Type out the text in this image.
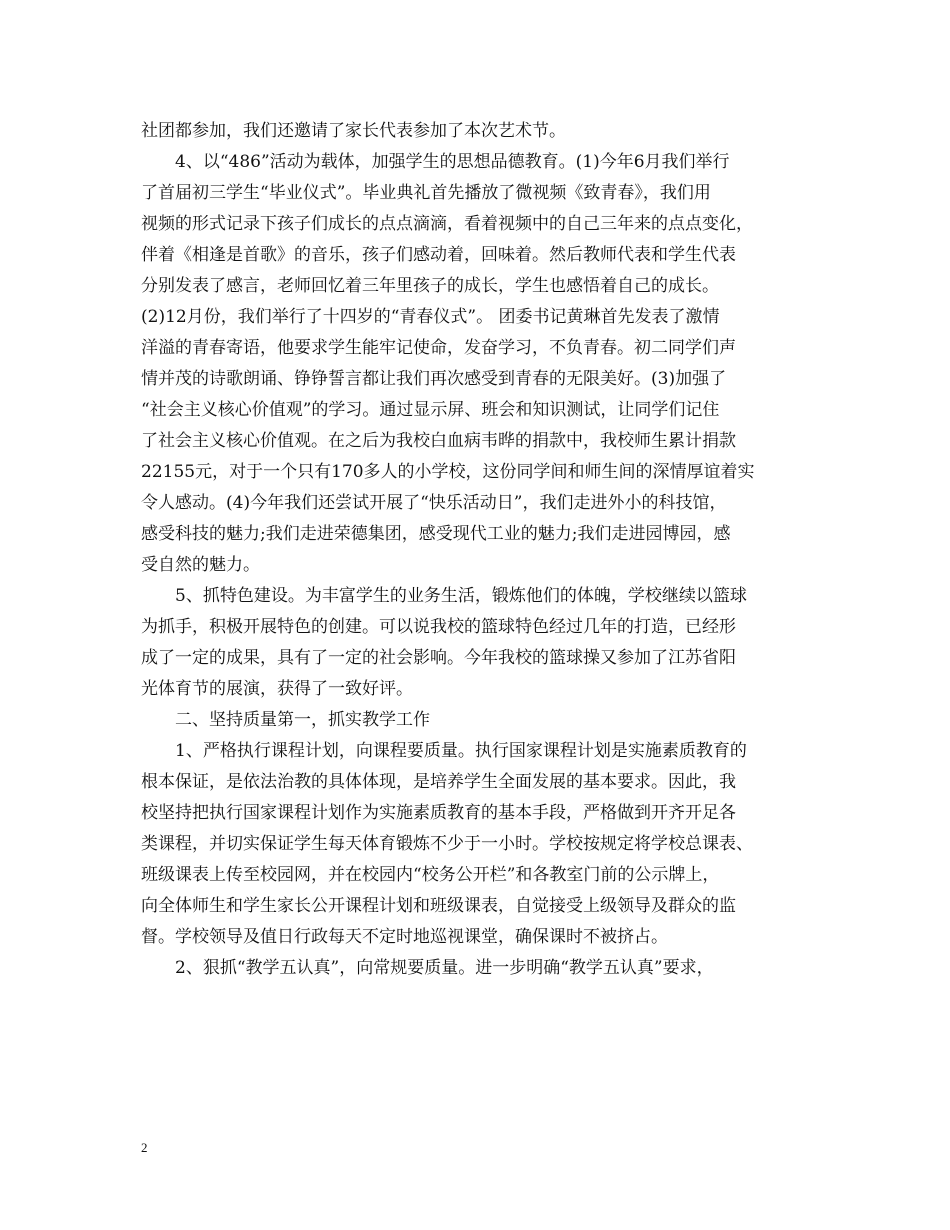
社团都参加，我们还邀请了家长代表参加了本次艺术节。
　　4、以“486”活动为载体，加强学生的思想品德教育。(1)今年6月我们举行
了首届初三学生“毕业仪式”。毕业典礼首先播放了微视频《致青春》，我们用
视频的形式记录下孩子们成长的点点滴滴，看着视频中的自己三年来的点点变化，
伴着《相逢是首歌》的音乐，孩子们感动着，回味着。然后教师代表和学生代表
分别发表了感言，老师回忆着三年里孩子的成长，学生也感悟着自己的成长。
(2)12月份，我们举行了十四岁的“青春仪式”。 团委书记黄琳首先发表了激情
洋溢的青春寄语，他要求学生能牢记使命，发奋学习，不负青春。初二同学们声
情并茂的诗歌朗诵、铮铮誓言都让我们再次感受到青春的无限美好。(3)加强了
“社会主义核心价值观”的学习。通过显示屏、班会和知识测试，让同学们记住
了社会主义核心价值观。在之后为我校白血病韦晔的捐款中，我校师生累计捐款
22155元，对于一个只有170多人的小学校，这份同学间和师生间的深情厚谊着实
令人感动。(4)今年我们还尝试开展了“快乐活动日”，我们走进外小的科技馆，
感受科技的魅力;我们走进荣德集团，感受现代工业的魅力;我们走进园博园，感
受自然的魅力。
　　5、抓特色建设。为丰富学生的业务生活，锻炼他们的体魄，学校继续以篮球
为抓手，积极开展特色的创建。可以说我校的篮球特色经过几年的打造，已经形
成了一定的成果，具有了一定的社会影响。今年我校的篮球操又参加了江苏省阳
光体育节的展演，获得了一致好评。
　　二、坚持质量第一，抓实教学工作
　　1、严格执行课程计划，向课程要质量。执行国家课程计划是实施素质教育的
根本保证，是依法治教的具体体现，是培养学生全面发展的基本要求。因此，我
校坚持把执行国家课程计划作为实施素质教育的基本手段，严格做到开齐开足各
类课程，并切实保证学生每天体育锻炼不少于一小时。学校按规定将学校总课表、
班级课表上传至校园网，并在校园内“校务公开栏”和各教室门前的公示牌上，
向全体师生和学生家长公开课程计划和班级课表，自觉接受上级领导及群众的监
督。学校领导及值日行政每天不定时地巡视课堂，确保课时不被挤占。
　　2、狠抓“教学五认真”，向常规要质量。进一步明确“教学五认真”要求，
2
